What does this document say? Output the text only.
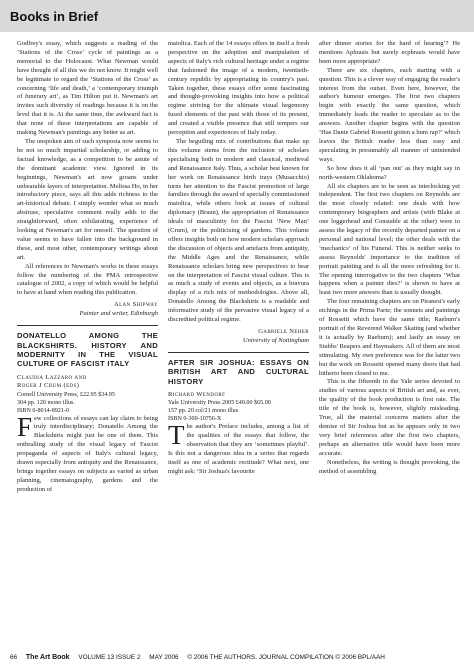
Books in Brief

Godfrey's essay, which suggests a reading of the ‘Stations of the Cross’ cycle of paintings as a memorial to the Holocaust. What Newman would have thought of all this we do not know. It might well be legitimate to regard the ‘Stations of the Cross’ as concerning ‘life and death,’ a ‘contemporary triumph of funerary art’, as Tim Hilton put it. Newman's art invites such diversity of readings because it is on the level that it is. At the same time, the awkward fact is that none of these interpretations are capable of making Newman's paintings any better as art.

The unspoken aim of such symposia now seems to be not so much impartial scholarship, or adding to factual knowledge, as a competition to be astute of the dominant academic view. Ignored in its beginnings, Newman's art now groans under unbearable layers of interpretation. Melissa Ho, in her introductory piece, says all this adds richness to the art-historical debate. I simply wonder what so much abstruse, speculative comment really adds to the straightforward, often exhilarating, experience of looking at Newman's art for oneself. The question of value seems to have fallen into the background in these, and most other, contemporary writings about art.

All references to Newman's works in these essays follow the numbering of the PMA retrospective catalogue of 2002, a copy of which would be helpful to have at hand when reading this publication.

Alan Shipway
Painter and writer, Edinburgh
DONATELLO AMONG THE BLACKSHIRTS. HISTORY AND MODERNITY IN THE VISUAL CULTURE OF FASCIST ITALY
Claudia Lazzaro and
Roger J Crum (eds)
Cornell University Press, £22.95 $34.95
304 pp. 120 mono illus.
ISBN 0-8014-8921-0

Few collections of essays can lay claim to being truly interdisciplinary; Donatello Among the Blackshirts might just be one of them. This enthralling study of the visual legacy of Fascist propaganda of aspects of Italy's cultural legacy, drawn especially from antiquity and the Renaissance, brings together essays on subjects as varied as urban planning, cinematography, gardens and the production of

maiolica. Each of the 14 essays offers in itself a fresh perspective on the adoption and manipulation of aspects of Italy's rich cultural heritage under a regime that fashioned the image of a modern, twentieth-century republic by appropriating its country's past. Taken together, these essays offer some fascinating and thought-provoking insights into how a political regime striving for the ultimate visual hegemony fused elements of the past with those of its present, and created a visible presence that still tempers our perception and experiences of Italy today.

The beguiling mix of contributions that make up this volume stems from the inclusion of scholars specialising both in modern and classical, medieval and Renaissance Italy. Thus, a scholar best known for her work on Renaissance birth trays (Musacchio) turns her attention to the Fascist promotion of large families through the award of specially commissioned maiolica, while others look at issues of cultural diplomacy (Braun), the appropriation of Renaissance ideals of masculinity for the Fascist ‘New Man’ (Crum), or the politicising of gardens. This volume offers insights both on how modern scholars approach the discussion of objects and artefacts from antiquity, the Middle Ages and the Renaissance, while Renaissance scholars bring new perspectives to bear on the interpretation of Fascist visual culture. This is as much a study of events and objects, as a bravura display of a rich mix of methodologies. Above all, Donatello Among the Blackshirts is a readable and informative study of the pervasive visual legacy of a discredited political regime.

Gabriele Neher
University of Nottingham
AFTER SIR JOSHUA: ESSAYS ON BRITISH ART AND CULTURAL HISTORY
Richard Wendorf
Yale University Press 2005 £40.00 $65.00
157 pp. 20 col/21 mono illus
ISBN 0-300-10756-X

The author's Preface includes, among a list of the qualities of the essays that follow, the observation that they are ‘sometimes playful’. Is this not a dangerous idea in a series that regards itself as one of academic rectitude? What next, one might ask: ‘Sir Joshua's favourite

after dinner stories for the hard of hearing’? He mentions Aphrasis but surely ecphrasis would have been more appropriate?

There are six chapters, each starting with a question. This is a clever way of engaging the reader's interest from the outset. Even here, however, the author's humour emerges. The first two chapters begin with exactly the same question, which immediately leads the reader to speculate as to the answers. Another chapter begins with the question ‘Has Dante Gabriel Rossetti gotten a bum rap?’ which leaves the British reader less than easy and speculating in presumably all manner of unintended ways.

So how does it all ‘pan out’ as they might say in north-western Oklahoma?

All six chapters are to be seen as interlocking yet independent. The first two chapters on Reynolds are the most closely related: one deals with how contemporary biographers and artists (with Blake at one loggerhead and Constable at the other) were to assess the legacy of the recently departed painter on a personal and national level; the other deals with the ‘mechanics’ of his Funeral. This is neither seeks to assess Reynolds' importance to the tradition of portrait painting and is all the more refreshing for it. The opening interrogative to the two chapters ‘What happens when a painter dies?’ is shown to have at least two more answers than is usually thought.

The four remaining chapters are on Piranesi's early etchings in the Prima Parte; the sonnets and paintings of Rossetti which have the same title; Raeburn's portrait of the Reverend Walker Skating (and whether it is actually by Raeburn); and lastly an essay on Stubbs' Reapers and Haymakers. All of them are most stimulating. My own preference was for the latter two but the work on Rossetti opened many doors that had hitherto been closed to me.

This is the fifteenth in the Yale series devoted to studies of various aspects of British art and, as ever, the quality of the book production is first rate. The title of the book is, however, slightly misleading. True, all the material concerns matters after the demise of Sir Joshua but as he appears only in two very brief references after the first two chapters, perhaps an alternative title would have been more accurate.

Nonetheless, the writing is thought provoking, the method of assembling

66 The Art Book VOLUME 13 ISSUE 2 MAY 2006 © 2006 THE AUTHORS. JOURNAL COMPILATION © 2006 BPL/AAH
